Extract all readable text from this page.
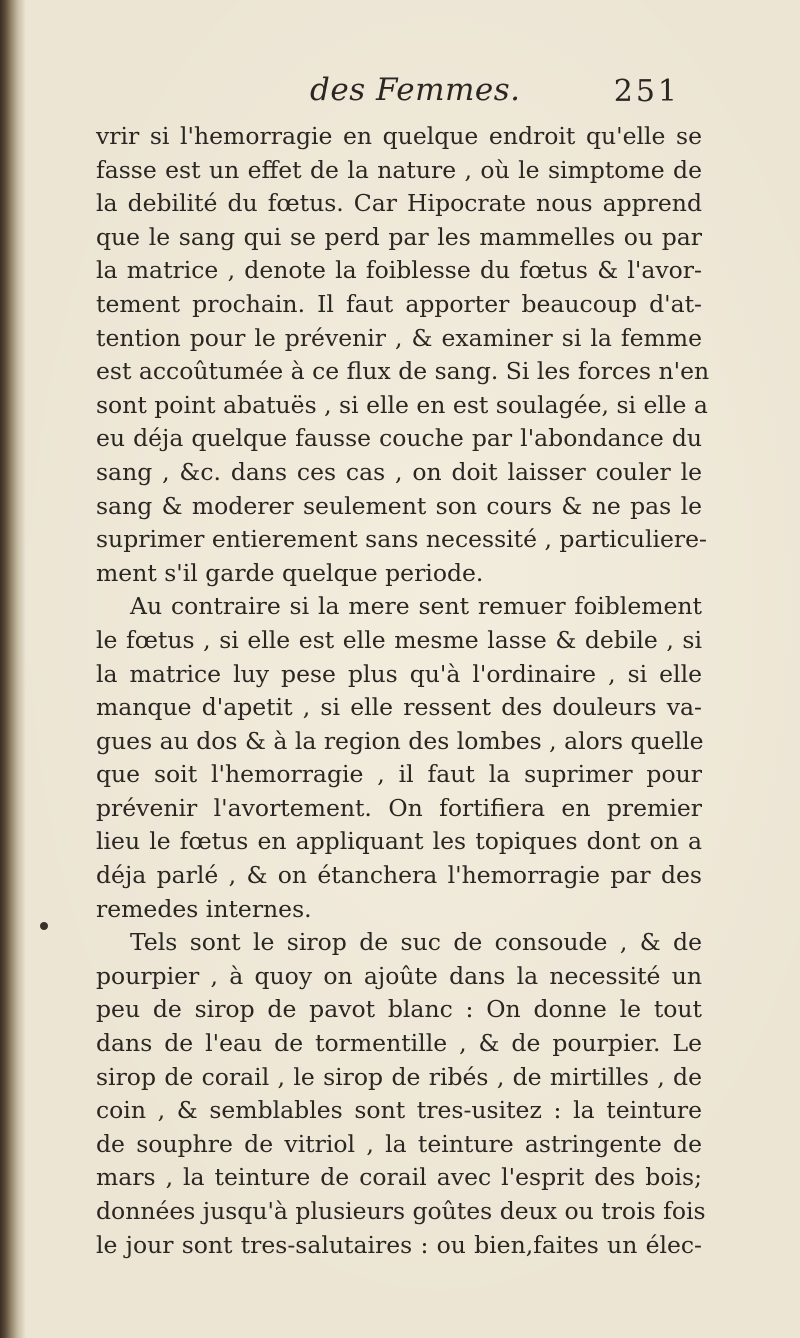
des Femmes.	251
vrir si l'hemorragie en quelque endroit qu'elle se
fasse est un effet de la nature , où le simptome de
la debilité du fœtus. Car Hipocrate nous apprend
que le sang qui se perd par les mammelles ou par
la matrice , denote la foiblesse du fœtus & l'avor-
tement prochain. Il faut apporter beaucoup d'at-
tention pour le prévenir , & examiner si la femme
est accoûtumée à ce flux de sang. Si les forces n'en
sont point abatuës , si elle en est soulagée, si elle a
eu déja quelque fausse couche par l'abondance du
sang , &c. dans ces cas , on doit laisser couler le
sang & moderer seulement son cours & ne pas le
suprimer entierement sans necessité , particuliere-
ment s'il garde quelque periode.
Au contraire si la mere sent remuer foiblement
le fœtus , si elle est elle mesme lasse & debile , si
la matrice luy pese plus qu'à l'ordinaire , si elle
manque d'apetit , si elle ressent des douleurs va-
gues au dos & à la region des lombes , alors quelle
que soit l'hemorragie , il faut la suprimer pour
prévenir l'avortement. On fortifiera en premier
lieu le fœtus en appliquant les topiques dont on a
déja parlé , & on étanchera l'hemorragie par des
remedes internes.
Tels sont le sirop de suc de consoude , & de
pourpier , à quoy on ajoûte dans la necessité un
peu de sirop de pavot blanc : On donne le tout
dans de l'eau de tormentille , & de pourpier. Le
sirop de corail , le sirop de ribés , de mirtilles , de
coin , & semblables sont tres-usitez : la teinture
de souphre de vitriol , la teinture astringente de
mars , la teinture de corail avec l'esprit des bois;
données jusqu'à plusieurs goûtes deux ou trois fois
le jour sont tres-salutaires : ou bien,faites un élec-
